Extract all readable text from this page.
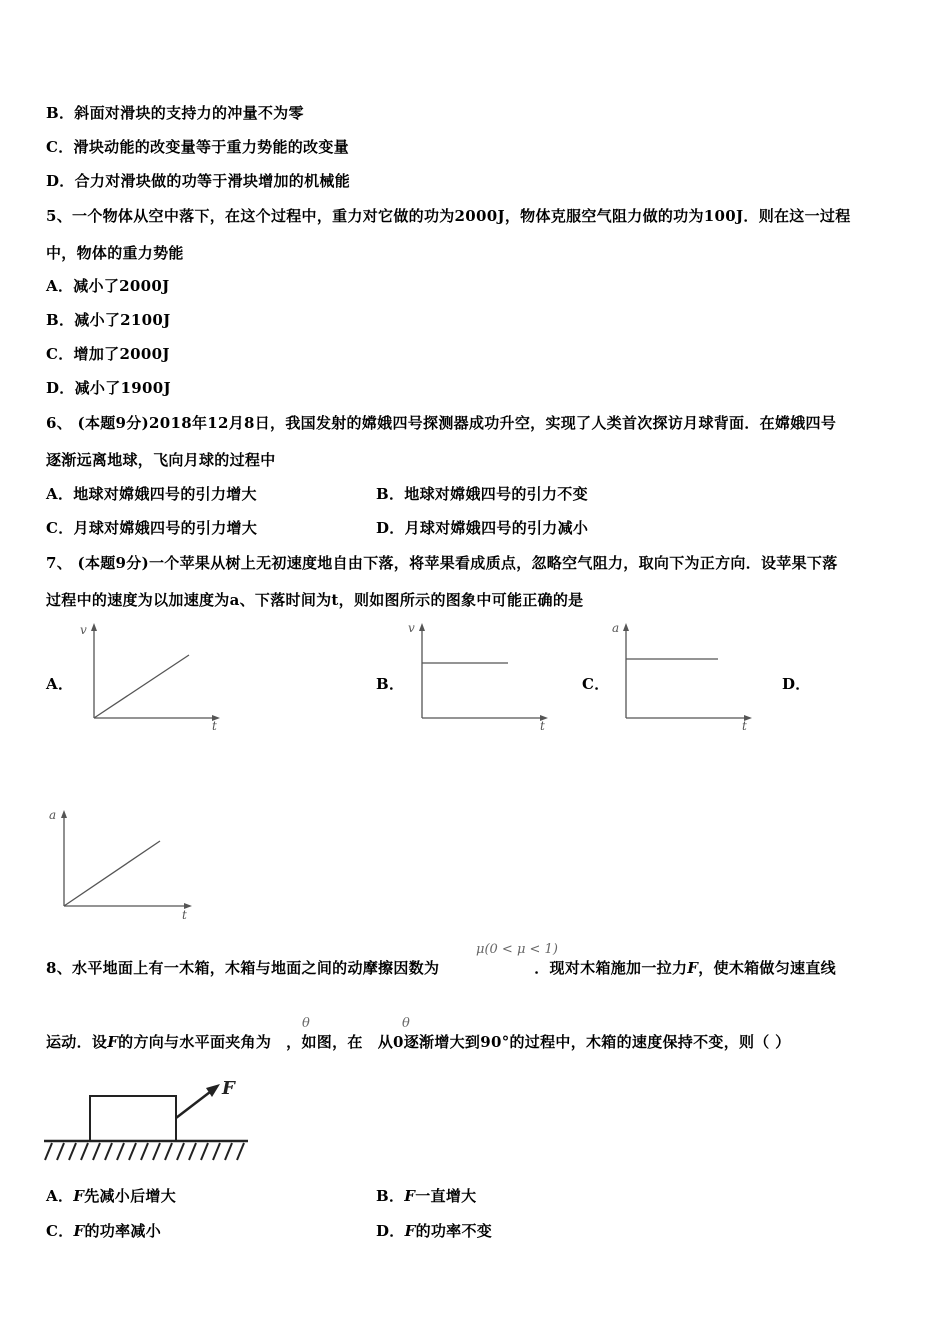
B．斜面对滑块的支持力的冲量不为零
C．滑块动能的改变量等于重力势能的改变量
D．合力对滑块做的功等于滑块增加的机械能
5、一个物体从空中落下，在这个过程中，重力对它做的功为2000J，物体克服空气阻力做的功为100J．则在这一过程
中，物体的重力势能
A．减小了2000J
B．减小了2100J
C．增加了2000J
D．减小了1900J
6、 (本题9分)2018年12月8日，我国发射的嫦娥四号探测器成功升空，实现了人类首次探访月球背面．在嫦娥四号
逐渐远离地球，飞向月球的过程中
A．地球对嫦娥四号的引力增大	B．地球对嫦娥四号的引力不变
C．月球对嫦娥四号的引力增大	D．月球对嫦娥四号的引力减小
7、 (本题9分)一个苹果从树上无初速度地自由下落，将苹果看成质点，忽略空气阻力，取向下为正方向．设苹果下落
过程中的速度为以加速度为a、下落时间为t，则如图所示的图象中可能正确的是
A．	B．	C．	D．
v
t
v
t
a
t
a
t
8、水平地面上有一木箱，木箱与地面之间的动摩擦因数为	．现对木箱施加一拉力F，使木箱做匀速直线
μ(0 < μ < 1)
运动．设F的方向与水平面夹角为 ，如图，在 从0逐渐增大到90°的过程中，木箱的速度保持不变，则（ ）
θ	θ
F
A．F先减小后增大	B．F一直增大
C．F的功率减小	D．F的功率不变
